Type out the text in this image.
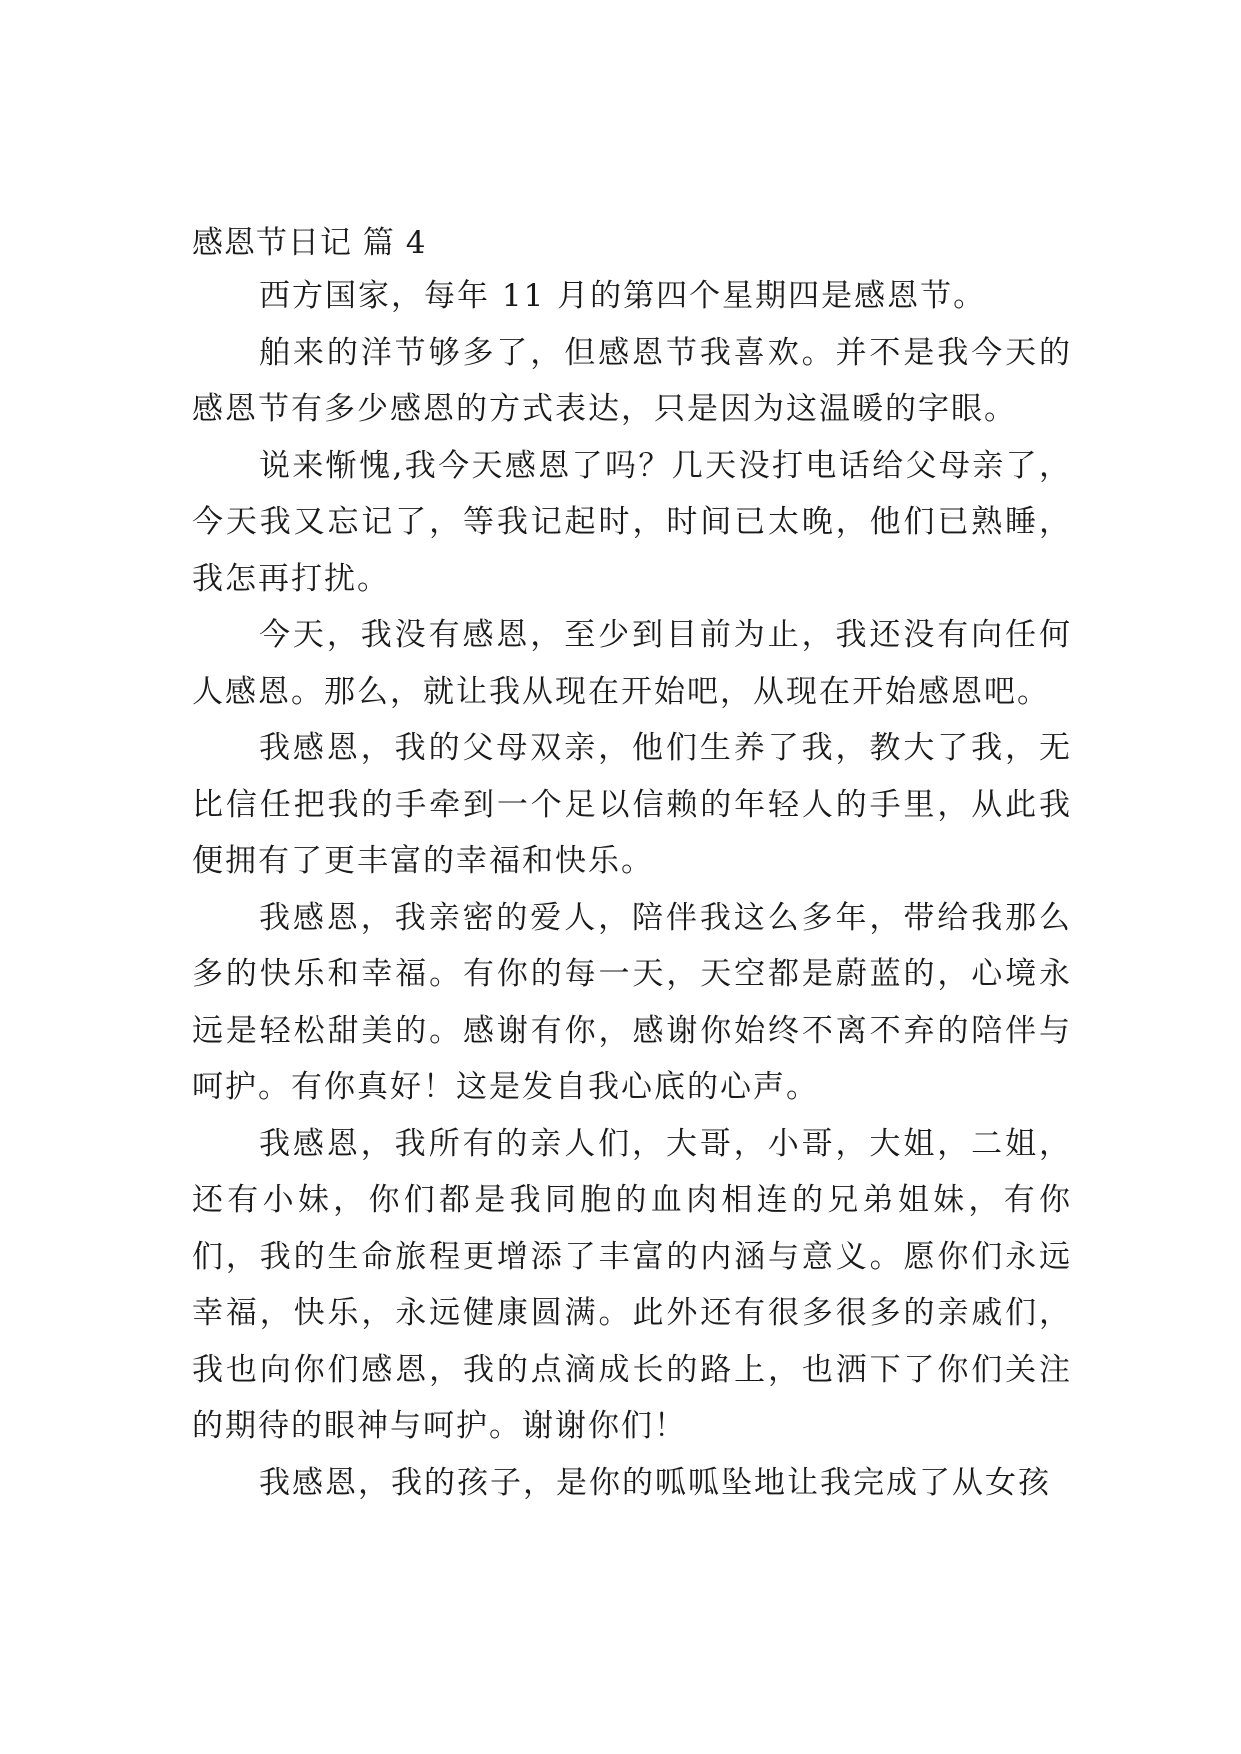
感恩节日记 篇 4

西方国家，每年 11 月的第四个星期四是感恩节。

舶来的洋节够多了，但感恩节我喜欢。并不是我今天的感恩节有多少感恩的方式表达，只是因为这温暖的字眼。

说来惭愧,我今天感恩了吗？几天没打电话给父母亲了，今天我又忘记了，等我记起时，时间已太晚，他们已熟睡，我怎再打扰。

今天，我没有感恩，至少到目前为止，我还没有向任何人感恩。那么，就让我从现在开始吧，从现在开始感恩吧。

我感恩，我的父母双亲，他们生养了我，教大了我，无比信任把我的手牵到一个足以信赖的年轻人的手里，从此我便拥有了更丰富的幸福和快乐。

我感恩，我亲密的爱人，陪伴我这么多年，带给我那么多的快乐和幸福。有你的每一天，天空都是蔚蓝的，心境永远是轻松甜美的。感谢有你，感谢你始终不离不弃的陪伴与呵护。有你真好！这是发自我心底的心声。

我感恩，我所有的亲人们，大哥，小哥，大姐，二姐，还有小妹，你们都是我同胞的血肉相连的兄弟姐妹，有你们，我的生命旅程更增添了丰富的内涵与意义。愿你们永远幸福，快乐，永远健康圆满。此外还有很多很多的亲戚们，我也向你们感恩，我的点滴成长的路上，也洒下了你们关注的期待的眼神与呵护。谢谢你们！

我感恩，我的孩子，是你的呱呱坠地让我完成了从女孩
